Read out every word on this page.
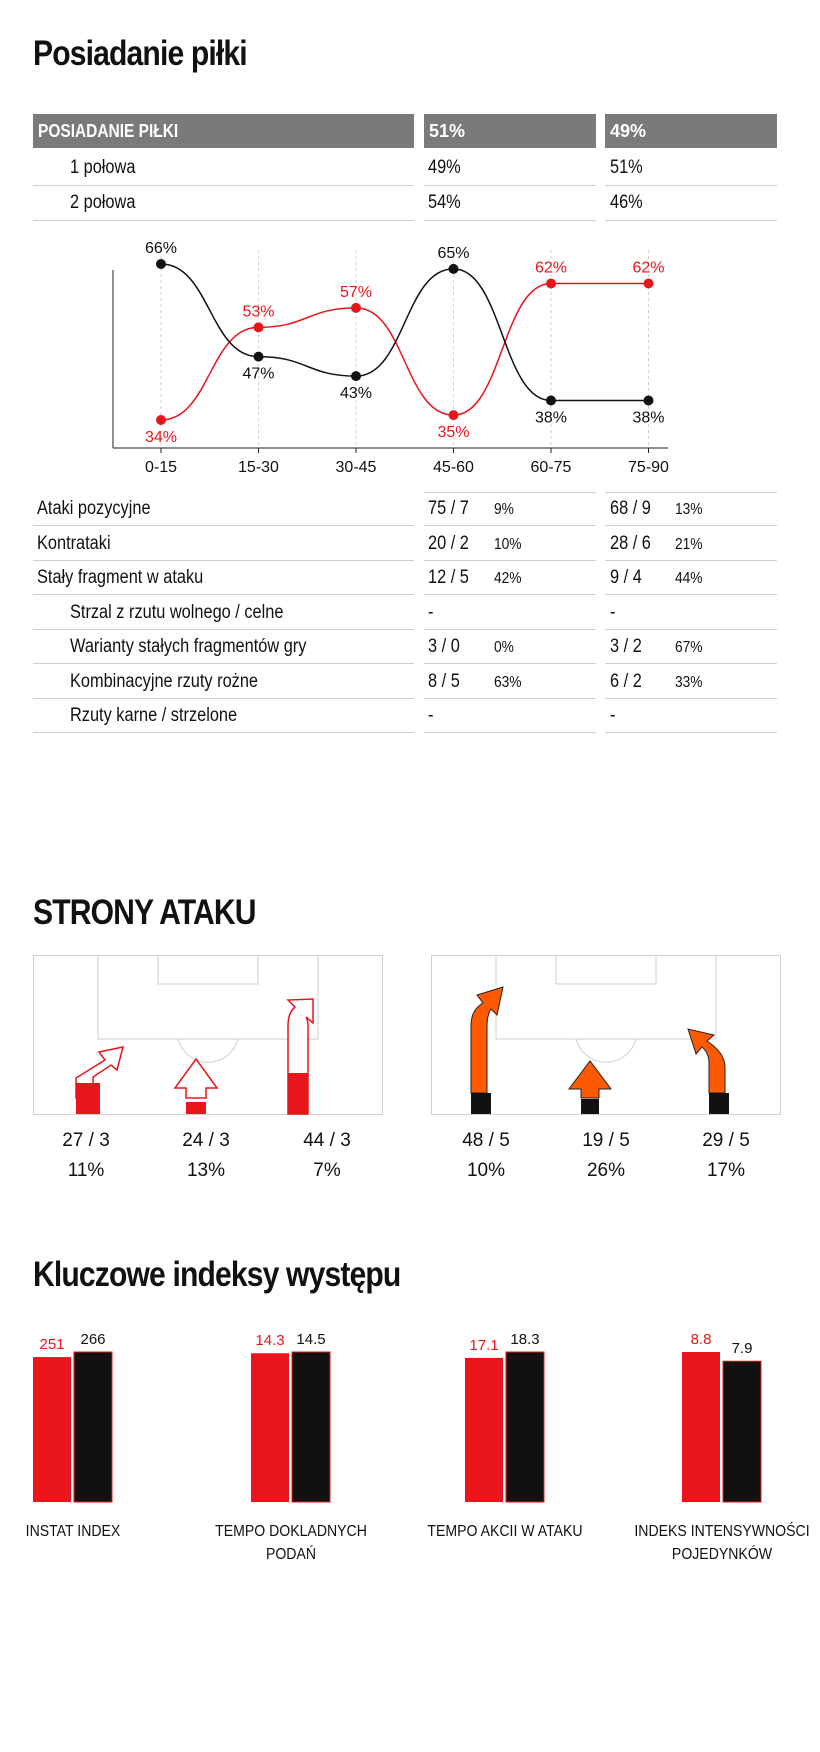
Posiadanie piłki
POSIADANIE PIŁKI	51%	49%
1 połowa	49%	51%
2 połowa	54%	46%
0-15	15-30	30-45	45-60	60-75	75-90
34%
53%
57%
35%
62%	62%
66%
47%
43%
65%
38%	38%
Ataki pozycyjne	75 / 7 9%	68 / 9 13%
Kontrataki	20 / 2 10%	28 / 6 21%
Stały fragment w ataku	12 / 5 42%	9 / 4 44%
Strzal z rzutu wolnego / celne	-	-
Warianty stałych fragmentów gry	3 / 0 0%	3 / 2 67%
Kombinacyjne rzuty rożne	8 / 5 63%	6 / 2 33%
Rzuty karne / strzelone	-	-
STRONY ATAKU
27 / 3
11%
24 / 3
13%
44 / 3
7%
48 / 5
10%
19 / 5
26%
29 / 5
17%
Kluczowe indeksy występu
251 266	14.3 14.5	17.1 18.3	8.8
7.9
INSTAT INDEX	TEMPO DOKLADNYCH PODAŃ
TEMPO AKCII W ATAKU	INDEKS INTENSYWNOŚCI POJEDYNKÓW
